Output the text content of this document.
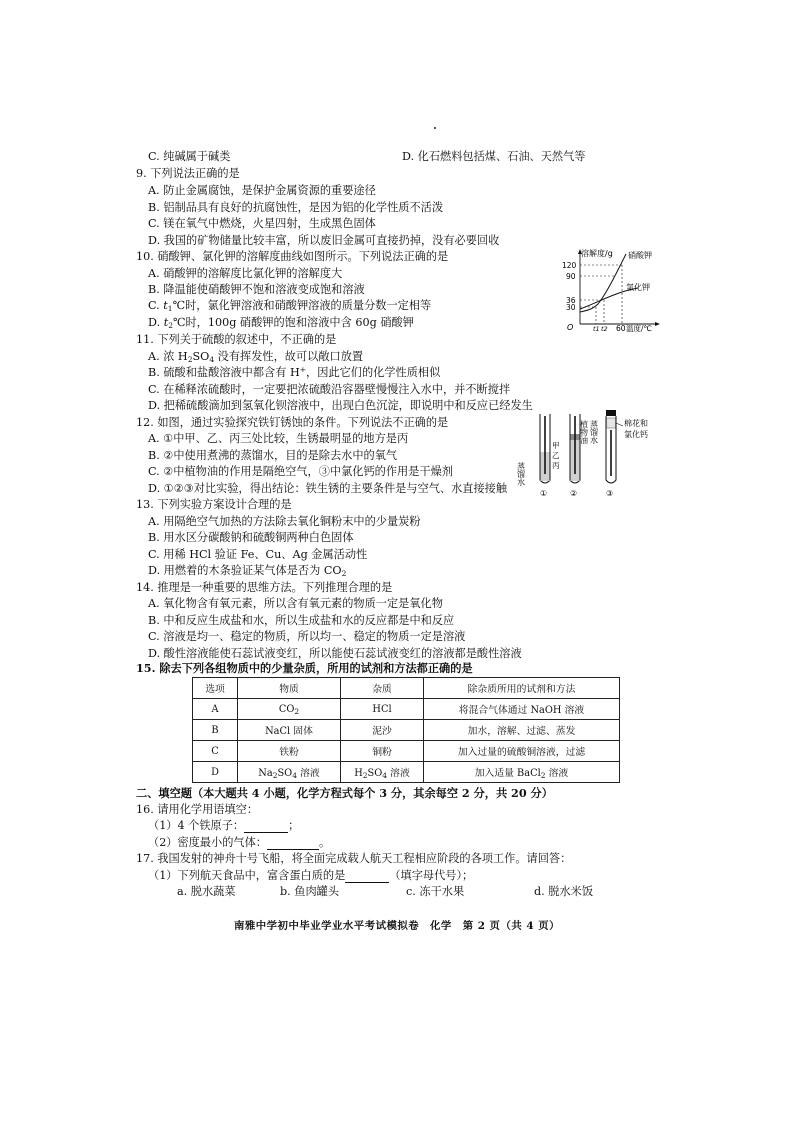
C. 纯碱属于碱类	D. 化石燃料包括煤、石油、天然气等
9. 下列说法正确的是
A. 防止金属腐蚀，是保护金属资源的重要途径
B. 铝制品具有良好的抗腐蚀性，是因为铝的化学性质不活泼
C. 镁在氧气中燃烧，火星四射，生成黑色固体
D. 我国的矿物储量比较丰富，所以废旧金属可直接扔掉，没有必要回收
10. 硝酸钾、氯化钾的溶解度曲线如图所示。下列说法正确的是
A. 硝酸钾的溶解度比氯化钾的溶解度大
B. 降温能使硝酸钾不饱和溶液变成饱和溶液
C. $t_1℃$时，氯化钾溶液和硝酸钾溶液的质量分数一定相等
D. $t_2℃$时，100g 硝酸钾的饱和溶液中含 60g 硝酸钾
溶解度/g
120
90
36
30
硝酸钾
氯化钾
O	t1 t2 60 温度/℃
11. 下列关于硫酸的叙述中，不正确的是
A. 浓 $H_2SO_4$ 没有挥发性，故可以敞口放置
B. 硫酸和盐酸溶液中都含有 H+，因此它们的化学性质相似
C. 在稀释浓硫酸时，一定要把浓硫酸沿容器壁慢慢注入水中，并不断搅拌
D. 把稀硫酸滴加到氢氧化钡溶液中，出现白色沉淀，即说明中和反应已经发生
12. 如图，通过实验探究铁钉锈蚀的条件。下列说法不正确的是
A. ①中甲、乙、丙三处比较，生锈最明显的地方是丙
B. ②中使用煮沸的蒸馏水，目的是除去水中的氧气
C. ②中植物油的作用是隔绝空气，③中氯化钙的作用是干燥剂
D. ①②③对比实验，得出结论：铁生锈的主要条件是与空气、水直接接触
蒸馏水
甲
乙
丙
①
植物油 蒸馏水
②
棉花和
氯化钙
③
13. 下列实验方案设计合理的是
A. 用隔绝空气加热的方法除去氧化铜粉末中的少量炭粉
B. 用水区分碳酸钠和硫酸铜两种白色固体
C. 用稀 HCl 验证 Fe、Cu、Ag 金属活动性
D. 用燃着的木条验证某气体是否为 $CO_2$
14. 推理是一种重要的思维方法。下列推理合理的是
A. 氧化物含有氧元素，所以含有氧元素的物质一定是氧化物
B. 中和反应生成盐和水，所以生成盐和水的反应都是中和反应
C. 溶液是均一、稳定的物质，所以均一、稳定的物质一定是溶液
D. 酸性溶液能使石蕊试液变红，所以能使石蕊试液变红的溶液都是酸性溶液
15. 除去下列各组物质中的少量杂质，所用的试剂和方法都正确的是
选项	物质	杂质	除杂质所用的试剂和方法
A	$CO_2$	HCl	将混合气体通过 NaOH 溶液
B	NaCl 固体	泥沙	加水，溶解、过滤、蒸发
C	铁粉	铜粉	加入过量的硫酸铜溶液，过滤
D	$Na_2SO_4$ 溶液	$H_2SO_4$ 溶液	加入适量 BaCl$_2$ 溶液
二、填空题（本大题共 4 小题，化学方程式每个 3 分，其余每空 2 分，共 20 分）
16. 请用化学用语填空：
（1）4 个铁原子：	；
（2）密度最小的气体：	。
17. 我国发射的神舟十号飞船，将全面完成载人航天工程相应阶段的各项工作。请回答：
（1）下列航天食品中，富含蛋白质的是	（填字母代号）；
a. 脱水蔬菜	b. 鱼肉罐头	c. 冻干水果	d. 脱水米饭
南雅中学初中毕业学业水平考试模拟卷　化学　第 2 页（共 4 页）
